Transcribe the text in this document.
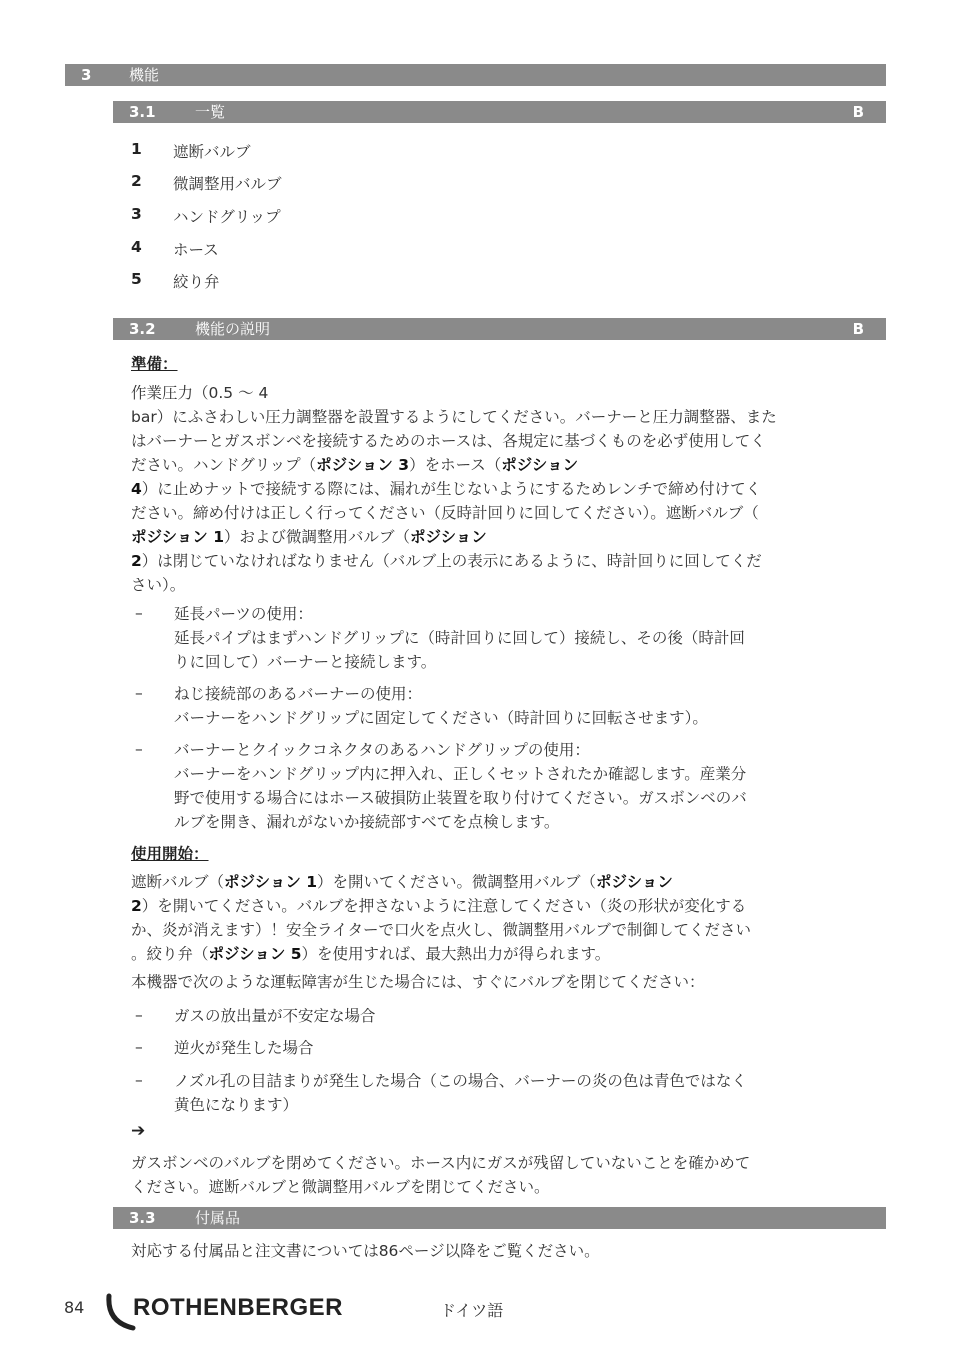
3	機能
3.1	一覧	B
1 遮断バルブ
2 微調整用バルブ
3 ハンドグリップ
4 ホース
5 絞り弁
3.2	機能の説明	B
準備：
作業圧力（0.5 〜 4
bar）にふさわしい圧力調整器を設置するようにしてください。バーナーと圧力調整器、また
はバーナーとガスボンベを接続するためのホースは、各規定に基づくものを必ず使用してく
ださい。ハンドグリップ（ポジション 3）をホース（ポジション
4）に止めナットで接続する際には、漏れが生じないようにするためレンチで締め付けてく
ださい。締め付けは正しく行ってください（反時計回りに回してください）。遮断バルブ（
ポジション 1）および微調整用バルブ（ポジション
2）は閉じていなければなりません（バルブ上の表示にあるように、時計回りに回してくだ
さい）。
– 延長パーツの使用：
延長パイプはまずハンドグリップに（時計回りに回して）接続し、その後（時計回
りに回して）バーナーと接続します。
– ねじ接続部のあるバーナーの使用：
バーナーをハンドグリップに固定してください（時計回りに回転させます）。
– バーナーとクイックコネクタのあるハンドグリップの使用：
バーナーをハンドグリップ内に押入れ、正しくセットされたか確認します。産業分
野で使用する場合にはホース破損防止装置を取り付けてください。ガスボンベのバ
ルブを開き、漏れがないか接続部すべてを点検します。
使用開始：
遮断バルブ（ポジション 1）を開いてください。微調整用バルブ（ポジション
2）を開いてください。バルブを押さないように注意してください（炎の形状が変化する
か、炎が消えます）！安全ライターで口火を点火し、微調整用バルブで制御してください
。絞り弁（ポジション 5）を使用すれば、最大熱出力が得られます。
本機器で次のような運転障害が生じた場合には、すぐにバルブを閉じてください：
– ガスの放出量が不安定な場合
– 逆火が発生した場合
– ノズル孔の目詰まりが発生した場合（この場合、バーナーの炎の色は青色ではなく
黄色になります）
➔
ガスボンベのバルブを閉めてください。ホース内にガスが残留していないことを確かめて
ください。遮断バルブと微調整用バルブを閉じてください。
3.3	付属品
対応する付属品と注文書については86ページ以降をご覧ください。
84 ROTHENBERGER	ドイツ語
